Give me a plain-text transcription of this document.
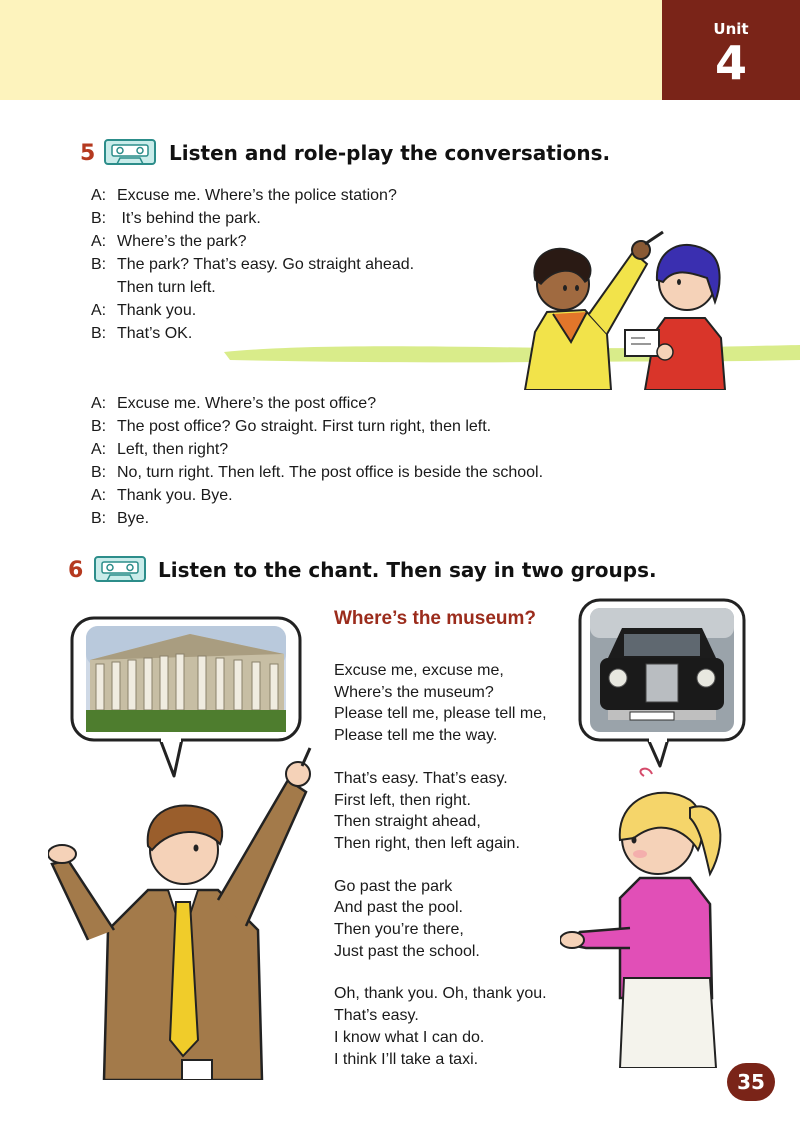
Unit
4
5	Listen and role-play the conversations.
A: Excuse me. Where’s the police station?
B: It’s behind the park.
A: Where’s the park?
B: The park? That’s easy. Go straight ahead.
Then turn left.
A: Thank you.
B: That’s OK.
A: Excuse me. Where’s the post office?
B: The post office? Go straight. First turn right, then left.
A: Left, then right?
B: No, turn right. Then left. The post office is beside the school.
A: Thank you. Bye.
B: Bye.
6	Listen to the chant. Then say in two groups.
Where’s the museum?
Excuse me, excuse me,
Where’s the museum?
Please tell me, please tell me,
Please tell me the way.
That’s easy. That’s easy.
First left, then right.
Then straight ahead,
Then right, then left again.
Go past the park
And past the pool.
Then you’re there,
Just past the school.
Oh, thank you. Oh, thank you.
That’s easy.
I know what I can do.
I think I’ll take a taxi.
35
